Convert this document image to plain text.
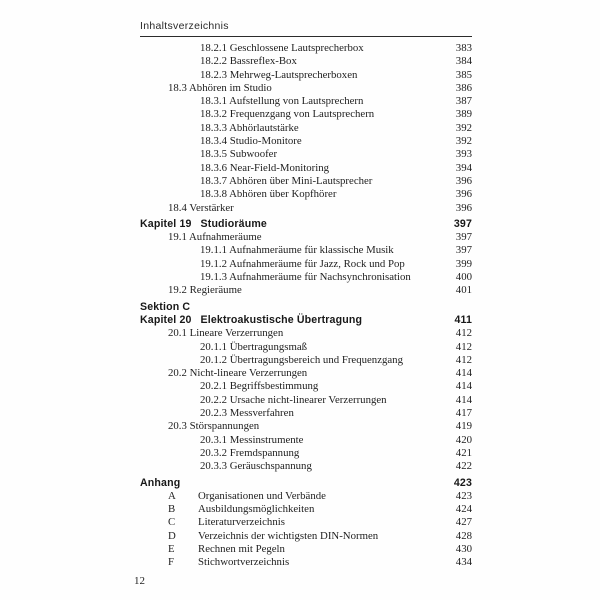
Inhaltsverzeichnis
18.2.1 Geschlossene Lautsprecherbox	383
18.2.2 Bassreflex-Box	384
18.2.3 Mehrweg-Lautsprecherboxen	385
18.3 Abhören im Studio	386
18.3.1 Aufstellung von Lautsprechern	387
18.3.2 Frequenzgang von Lautsprechern	389
18.3.3 Abhörlautstärke	392
18.3.4 Studio-Monitore	392
18.3.5 Subwoofer	393
18.3.6 Near-Field-Monitoring	394
18.3.7 Abhören über Mini-Lautsprecher	396
18.3.8 Abhören über Kopfhörer	396
18.4 Verstärker	396
Kapitel 19 Studioräume	397
19.1 Aufnahmeräume	397
19.1.1 Aufnahmeräume für klassische Musik	397
19.1.2 Aufnahmeräume für Jazz, Rock und Pop	399
19.1.3 Aufnahmeräume für Nachsynchronisation	400
19.2 Regieräume	401
Sektion C
Kapitel 20 Elektroakustische Übertragung	411
20.1 Lineare Verzerrungen	412
20.1.1 Übertragungsmaß	412
20.1.2 Übertragungsbereich und Frequenzgang	412
20.2 Nicht-lineare Verzerrungen	414
20.2.1 Begriffsbestimmung	414
20.2.2 Ursache nicht-linearer Verzerrungen	414
20.2.3 Messverfahren	417
20.3 Störspannungen	419
20.3.1 Messinstrumente	420
20.3.2 Fremdspannung	421
20.3.3 Geräuschspannung	422
Anhang	423
A Organisationen und Verbände	423
B Ausbildungsmöglichkeiten	424
C Literaturverzeichnis	427
D Verzeichnis der wichtigsten DIN-Normen	428
E Rechnen mit Pegeln	430
F Stichwortverzeichnis	434
12
